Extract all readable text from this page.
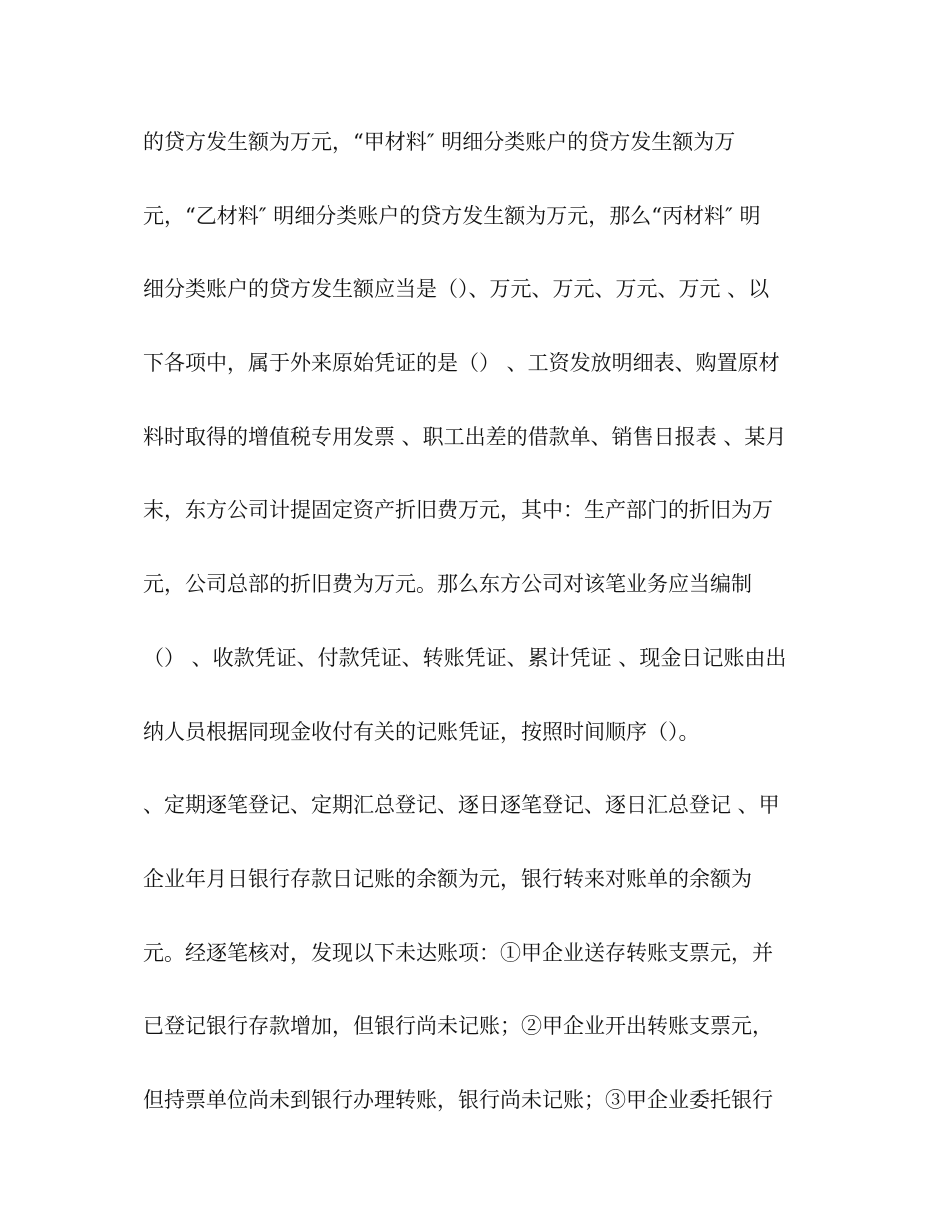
的贷方发生额为万元，“甲材料″ 明细分类账户的贷方发生额为万
元，“乙材料″ 明细分类账户的贷方发生额为万元，那么“丙材料″ 明
细分类账户的贷方发生额应当是（）、万元、万元、万元、万元 、以
下各项中，属于外来原始凭证的是（） 、工资发放明细表、购置原材
料时取得的增值税专用发票 、职工出差的借款单、销售日报表 、某月
末，东方公司计提固定资产折旧费万元，其中：生产部门的折旧为万
元，公司总部的折旧费为万元。那么东方公司对该笔业务应当编制
（） 、收款凭证、付款凭证、转账凭证、累计凭证 、现金日记账由出
纳人员根据同现金收付有关的记账凭证，按照时间顺序（）。
、定期逐笔登记、定期汇总登记、逐日逐笔登记、逐日汇总登记 、甲
企业年月日银行存款日记账的余额为元，银行转来对账单的余额为
元。经逐笔核对，发现以下未达账项：①甲企业送存转账支票元，并
已登记银行存款增加，但银行尚未记账；②甲企业开出转账支票元，
但持票单位尚未到银行办理转账，银行尚未记账；③甲企业委托银行
